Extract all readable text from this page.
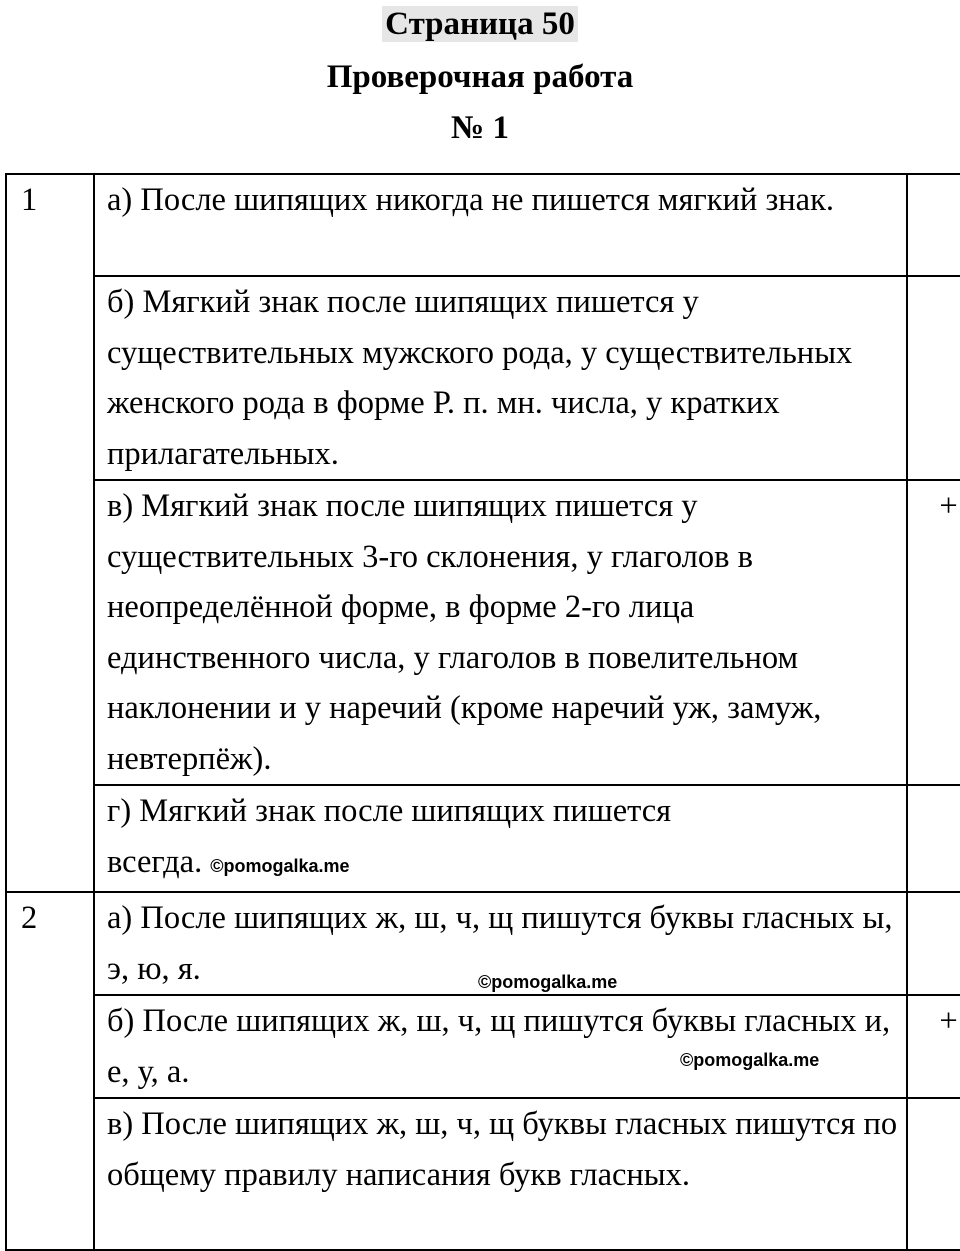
Страница 50
Проверочная работа
№ 1
1	а) После шипящих никогда не пишется мягкий знак.	
	б) Мягкий знак после шипящих пишется у существительных мужского рода, у существительных женского рода в форме Р. п. мн. числа, у кратких прилагательных.	
	в) Мягкий знак после шипящих пишется у существительных 3-го склонения, у глаголов в неопределённой форме, в форме 2-го лица единственного числа, у глаголов в повелительном наклонении и у наречий (кроме наречий уж, замуж, невтерпёж).	+
	г) Мягкий знак после шипящих пишется всегда. ©pomogalka.me	
2	а) После шипящих ж, ш, ч, щ пишутся буквы гласных ы, э, ю, я.	
	б) После шипящих ж, ш, ч, щ пишутся буквы гласных и, е, у, а.	+
	в) После шипящих ж, ш, ч, щ буквы гласных пишутся по общему правилу написания букв гласных.	
©pomogalka.me
©pomogalka.me
